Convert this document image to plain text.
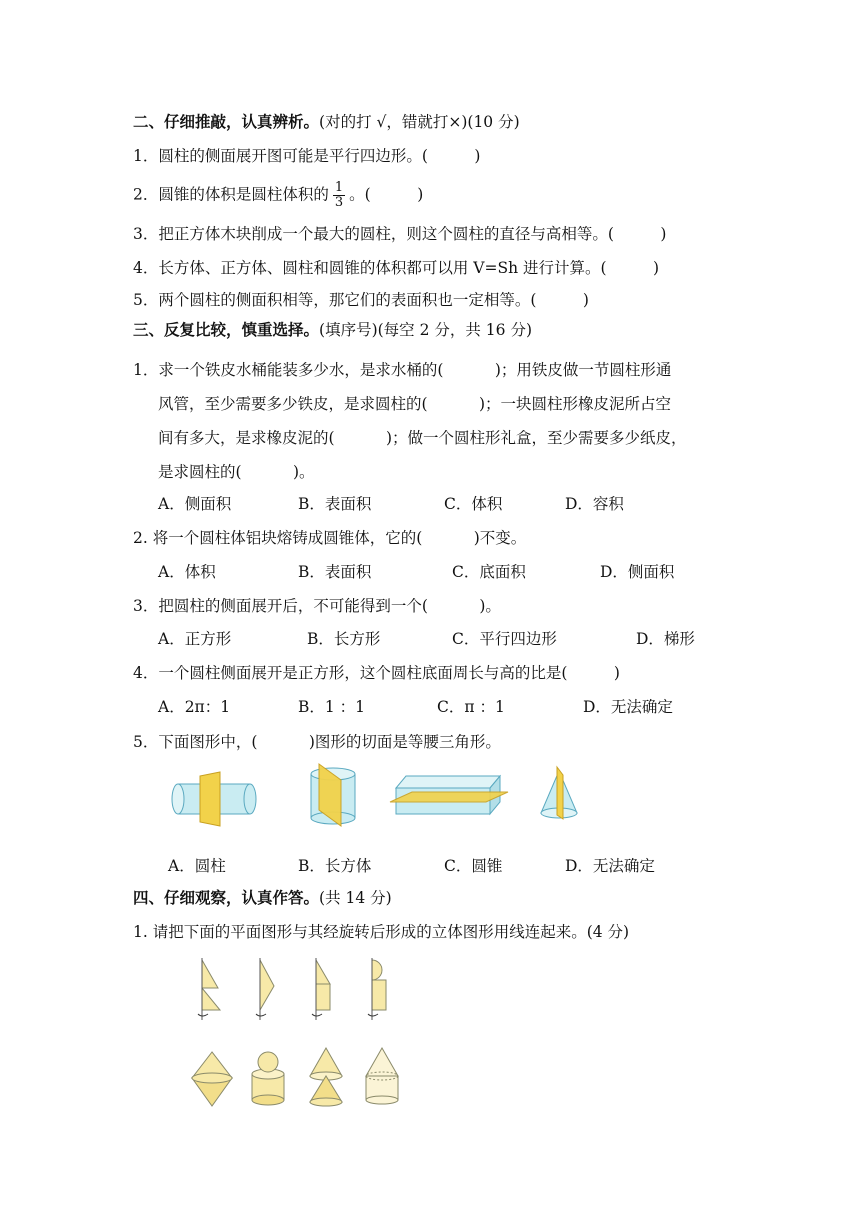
二、仔细推敲，认真辨析。(对的打 √，错就打×)(10 分)
1．圆柱的侧面展开图可能是平行四边形。(　　　)
2．圆锥的体积是圆柱体积的 $\frac{1}{3}$ 。(　　　)
3．把正方体木块削成一个最大的圆柱，则这个圆柱的直径与高相等。(　　　)
4．长方体、正方体、圆柱和圆锥的体积都可以用 V=Sh 进行计算。(　　　)
5．两个圆柱的侧面积相等，那它们的表面积也一定相等。(　　　)
三、反复比较，慎重选择。(填序号)(每空 2 分，共 16 分)
1．求一个铁皮水桶能装多少水，是求水桶的(　　　 )；用铁皮做一节圆柱形通
风管，至少需要多少铁皮，是求圆柱的(　　　 )；一块圆柱形橡皮泥所占空
间有多大，是求橡皮泥的(　　　 )；做一个圆柱形礼盒，至少需要多少纸皮，
是求圆柱的(　　　 )。
A．侧面积	B．表面积	C．体积	D．容积
2. 将一个圆柱体铝块熔铸成圆锥体，它的(　　　 )不变。
A．体积	B．表面积	C．底面积	D．侧面积
3．把圆柱的侧面展开后，不可能得到一个(　　　 )。
A．正方形	B．长方形	C．平行四边形	D．梯形
4．一个圆柱侧面展开是正方形，这个圆柱底面周长与高的比是(　　　)
A．2π：1	B．1 ：1	C．π ：1	D．无法确定
5．下面图形中，(　　　 )图形的切面是等腰三角形。
A．圆柱	B．长方体	C．圆锥	D．无法确定
四、仔细观察，认真作答。(共 14 分)
1. 请把下面的平面图形与其经旋转后形成的立体图形用线连起来。(4 分)
